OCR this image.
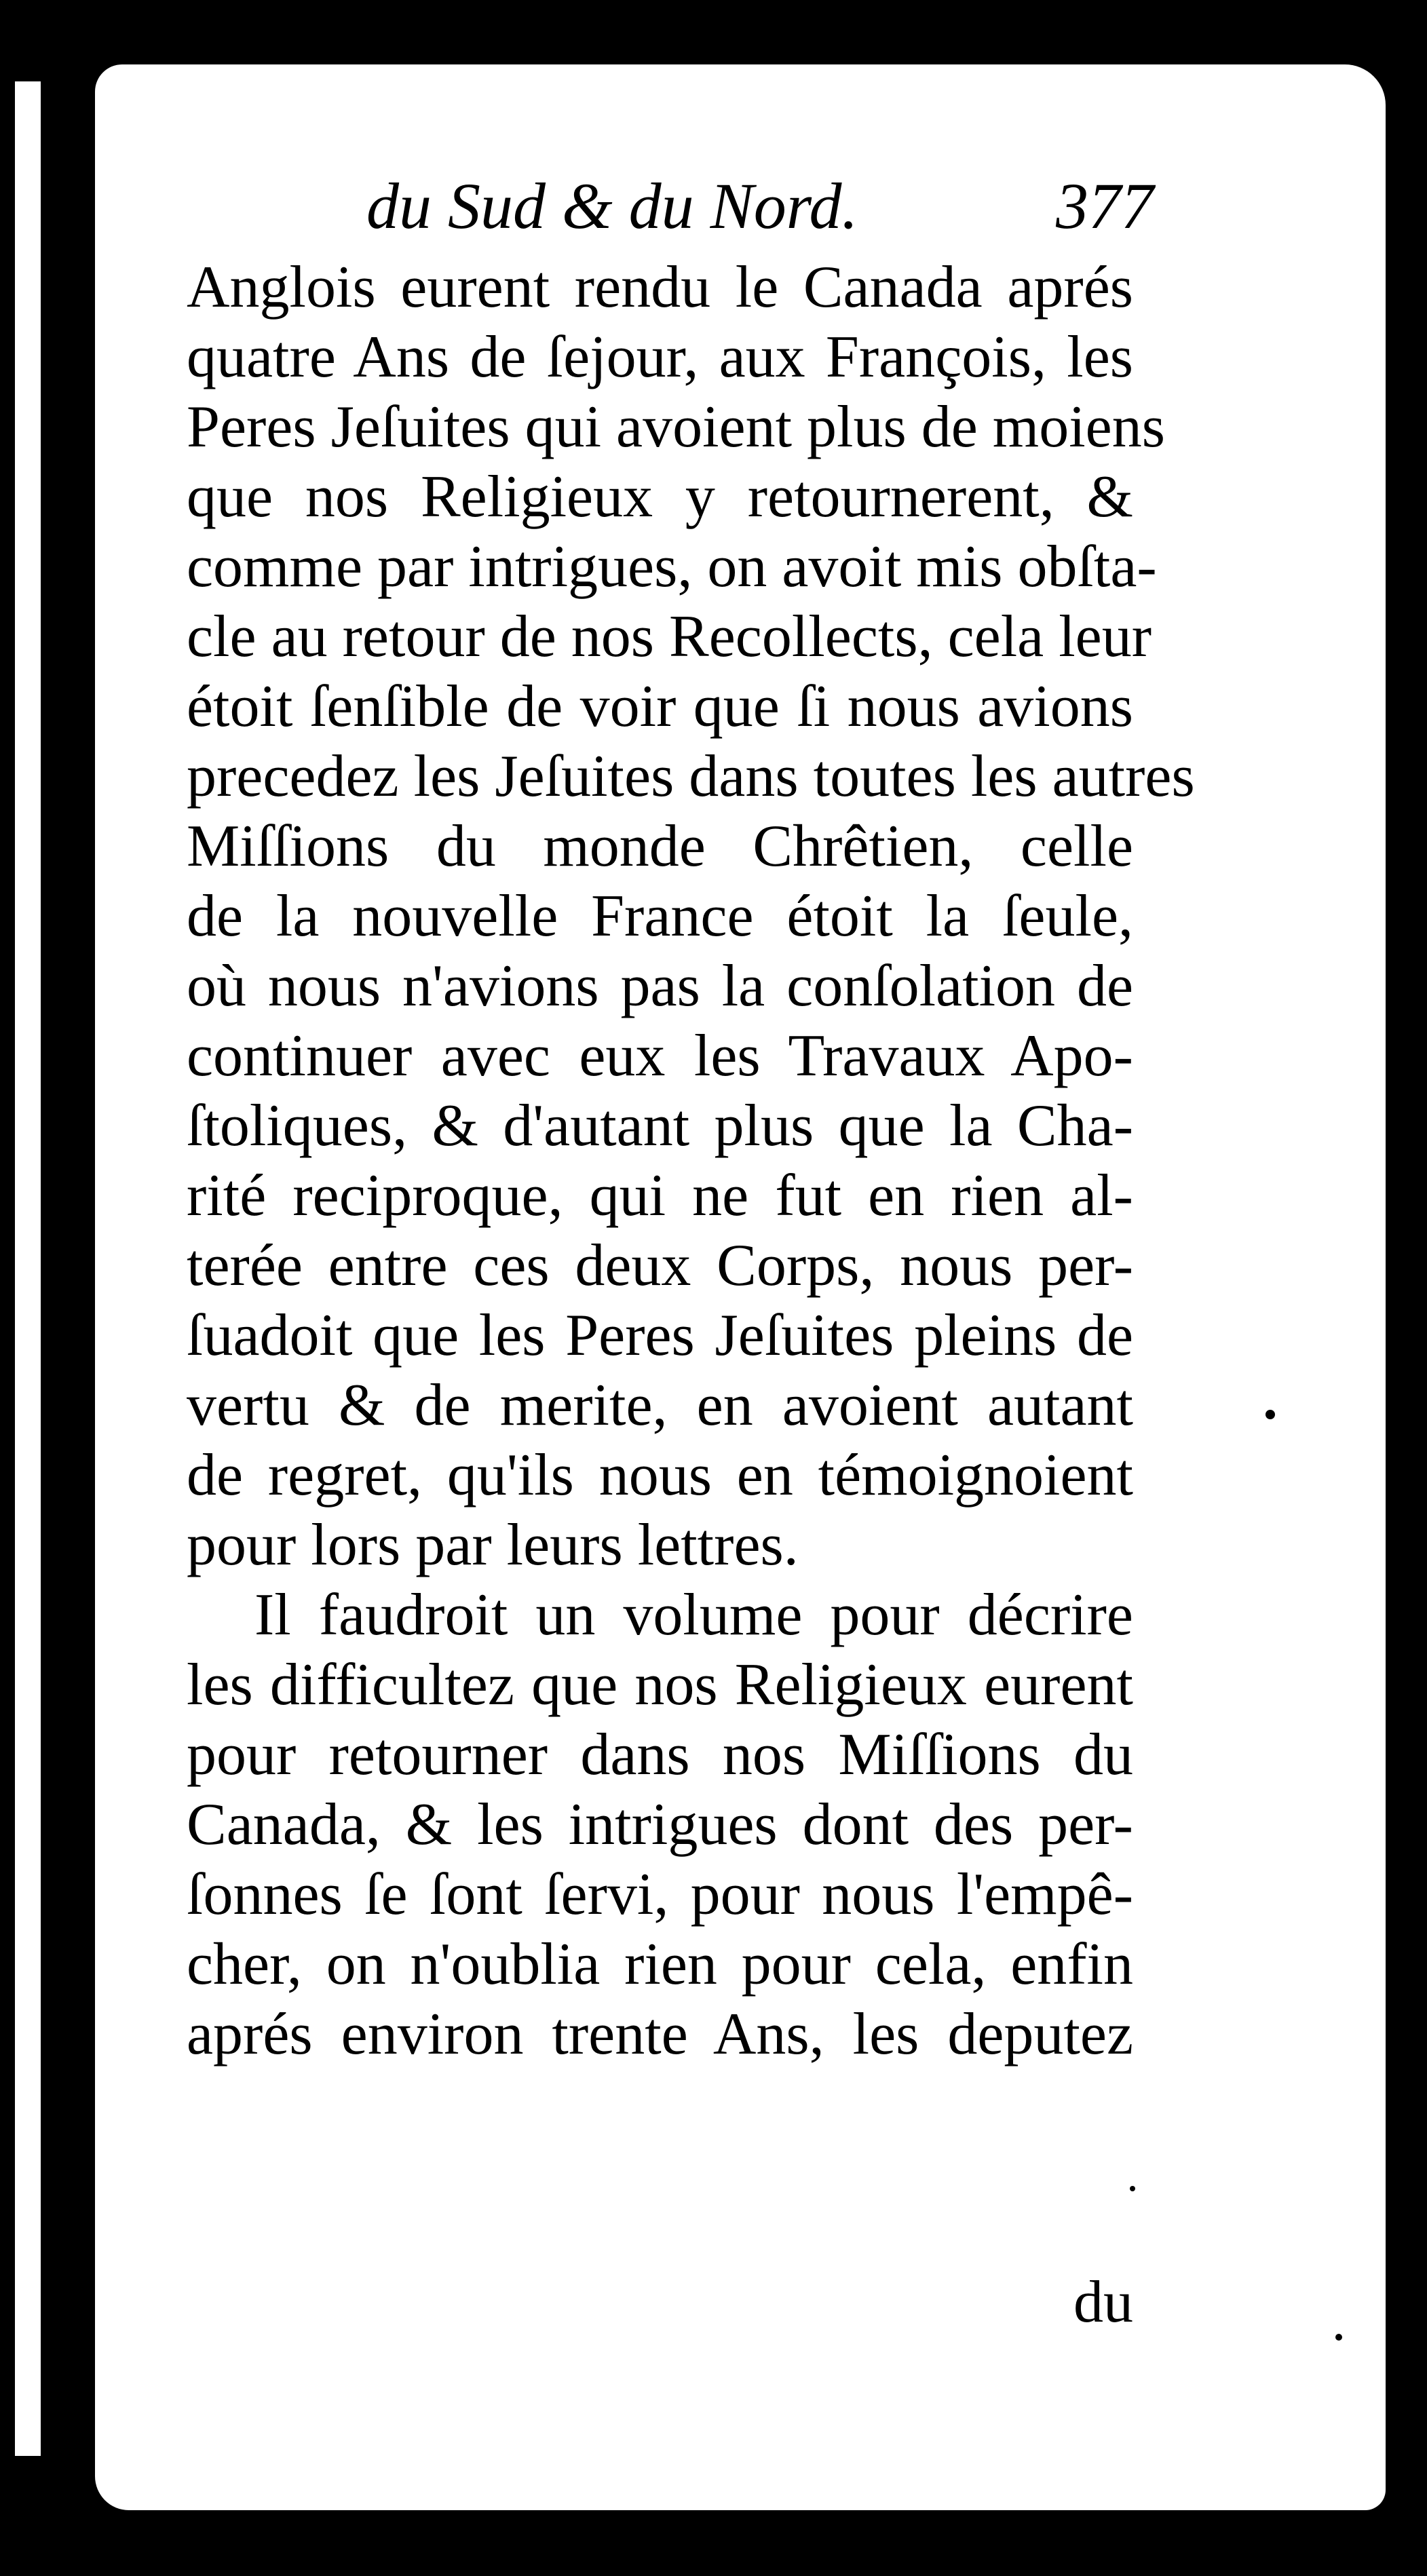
du Sud & du Nord.	377
Anglois eurent rendu le Canada aprés
quatre Ans de ſejour, aux François, les
Peres Jeſuites qui avoient plus de moiens
que nos Religieux y retournerent, &
comme par intrigues, on avoit mis obſta-
cle au retour de nos Recollects, cela leur
étoit ſenſible de voir que ſi nous avions
precedez les Jeſuites dans toutes les autres
Miſſions du monde Chrêtien, celle
de la nouvelle France étoit la ſeule,
où nous n'avions pas la conſolation de
continuer avec eux les Travaux Apo-
ſtoliques, & d'autant plus que la Cha-
rité reciproque, qui ne fut en rien al-
terée entre ces deux Corps, nous per-
ſuadoit que les Peres Jeſuites pleins de
vertu & de merite, en avoient autant
de regret, qu'ils nous en témoignoient
pour lors par leurs lettres.
Il faudroit un volume pour décrire
les difficultez que nos Religieux eurent
pour retourner dans nos Miſſions du
Canada, & les intrigues dont des per-
ſonnes ſe ſont ſervi, pour nous l'empê-
cher, on n'oublia rien pour cela, enfin
aprés environ trente Ans, les deputez
du
